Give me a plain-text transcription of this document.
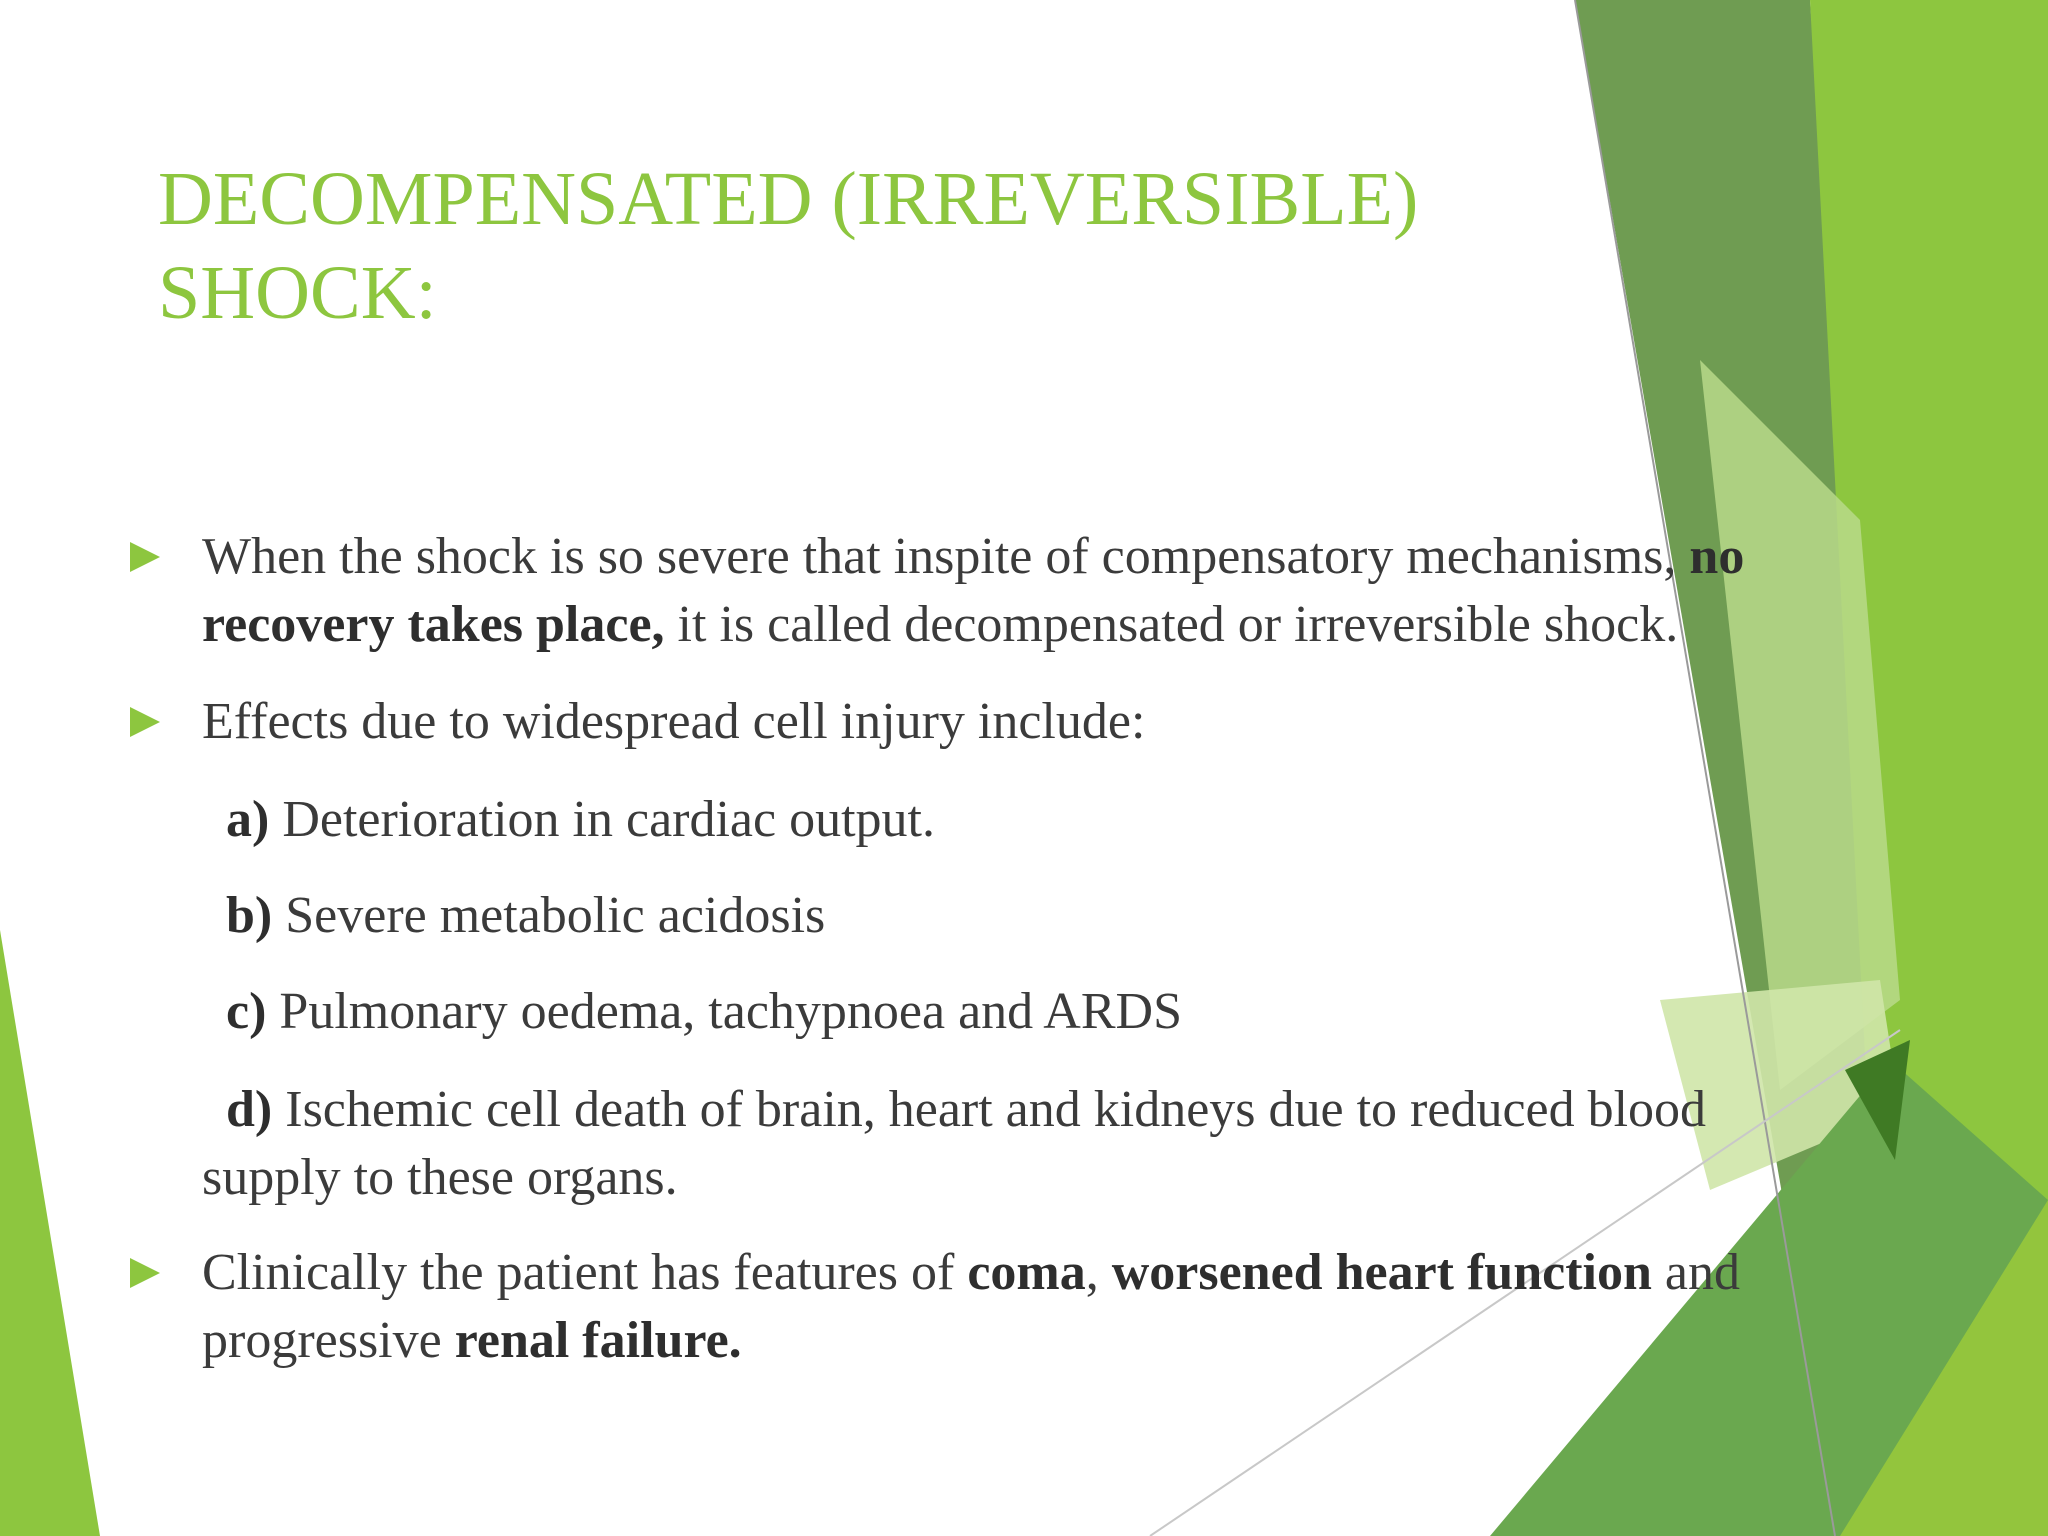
DECOMPENSATED (IRREVERSIBLE)
SHOCK:
When the shock is so severe that inspite of compensatory mechanisms, no
recovery takes place, it is called decompensated or irreversible shock.
Effects due to widespread cell injury include:
a) Deterioration in cardiac output.
b) Severe metabolic acidosis
c) Pulmonary oedema, tachypnoea and ARDS
d) Ischemic cell death of brain, heart and kidneys due to reduced blood
supply to these organs.
Clinically the patient has features of coma, worsened heart function and
progressive renal failure.
